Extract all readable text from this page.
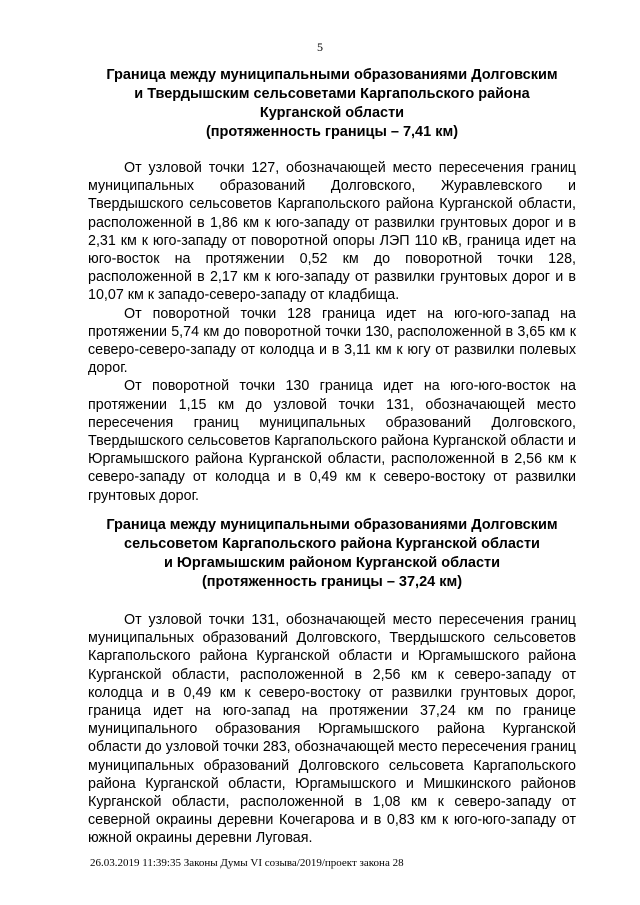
5
Граница между муниципальными образованиями Долговским
и Твердышским сельсоветами Каргапольского района
Курганской области
(протяженность границы – 7,41 км)

От узловой точки 127, обозначающей место пересечения границ муниципальных образований Долговского, Журавлевского и Твердышского сельсоветов Каргапольского района Курганской области, расположенной в 1,86 км к юго-западу от развилки грунтовых дорог и в 2,31 км к юго-западу от поворотной опоры ЛЭП 110 кВ, граница идет на юго-восток на протяжении 0,52 км до поворотной точки 128, расположенной в 2,17 км к юго-западу от развилки грунтовых дорог и в 10,07 км к западо-северо-западу от кладбища.

От поворотной точки 128 граница идет на юго-юго-запад на протяжении 5,74 км до поворотной точки 130, расположенной в 3,65 км к северо-северо-западу от колодца и в 3,11 км к югу от развилки полевых дорог.

От поворотной точки 130 граница идет на юго-юго-восток на протяжении 1,15 км до узловой точки 131, обозначающей место пересечения границ муниципальных образований Долговского, Твердышского сельсоветов Каргапольского района Курганской области и Юргамышского района Курганской области, расположенной в 2,56 км к северо-западу от колодца и в 0,49 км к северо-востоку от развилки грунтовых дорог.

Граница между муниципальными образованиями Долговским
сельсоветом Каргапольского района Курганской области
и Юргамышским районом Курганской области
(протяженность границы – 37,24 км)

От узловой точки 131, обозначающей место пересечения границ муниципальных образований Долговского, Твердышского сельсоветов Каргапольского района Курганской области и Юргамышского района Курганской области, расположенной в 2,56 км к северо-западу от колодца и в 0,49 км к северо-востоку от развилки грунтовых дорог, граница идет на юго-запад на протяжении 37,24 км по границе муниципального образования Юргамышского района Курганской области до узловой точки 283, обозначающей место пересечения границ муниципальных образований Долговского сельсовета Каргапольского района Курганской области, Юргамышского и Мишкинского районов Курганской области, расположенной в 1,08 км к северо-западу от северной окраины деревни Кочегарова и в 0,83 км к юго-юго-западу от южной окраины деревни Луговая.

26.03.2019 11:39:35 Законы Думы VI созыва/2019/проект закона 28
